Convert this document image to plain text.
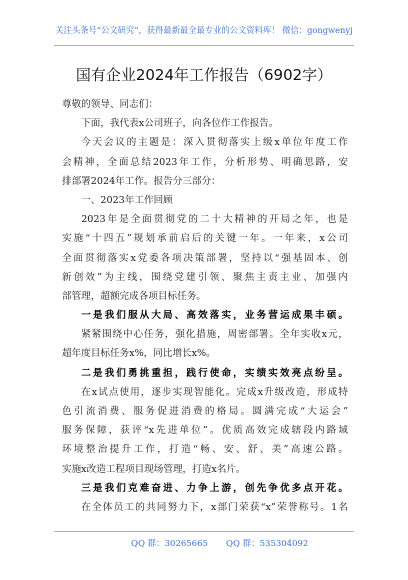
关注头条号“公文研究”，获得最新最全最专业的公文资料库！ 微信：gongwenyj
国有企业2024年工作报告（6902字）
尊敬的领导、同志们：
下面，我代表x公司班子，向各位作工作报告。
今天会议的主题是：深入贯彻落实上级x单位年度工作
会精神，全面总结2023年工作，分析形势、明确思路，安
排部署2024年工作。报告分三部分：
一、2023年工作回顾
2023年是全面贯彻党的二十大精神的开局之年，也是
实施“十四五”规划承前启后的关键一年。一年来，x公司
全面贯彻落实x党委各项决策部署，坚持以“强基固本、创
新创效”为主线，围绕党建引领、聚焦主责主业、加强内
部管理，超额完成各项目标任务。
一是我们服从大局、高效落实，业务营运成果丰硕。
紧紧围绕中心任务，强化措施，周密部署。全年实收x元，
超年度目标任务x%，同比增长x%。
二是我们勇挑重担，践行使命，实绩实效亮点纷呈。
在x试点使用，逐步实现智能化。完成x升级改造，形成特
色引流消费、服务促进消费的格局。圆满完成“大运会”
服务保障，获评“x先进单位”。优质高效完成辖段内路域
环境整治提升工作，打造“畅、安、舒、美”高速公路。
实施x改造工程项目现场管理，打造x名片。
三是我们克难奋进、力争上游，创先争优多点开花。
在全体员工的共同努力下，x部门荣获“x”荣誉称号。1名
QQ 群：30265665 QQ 群：535304092
